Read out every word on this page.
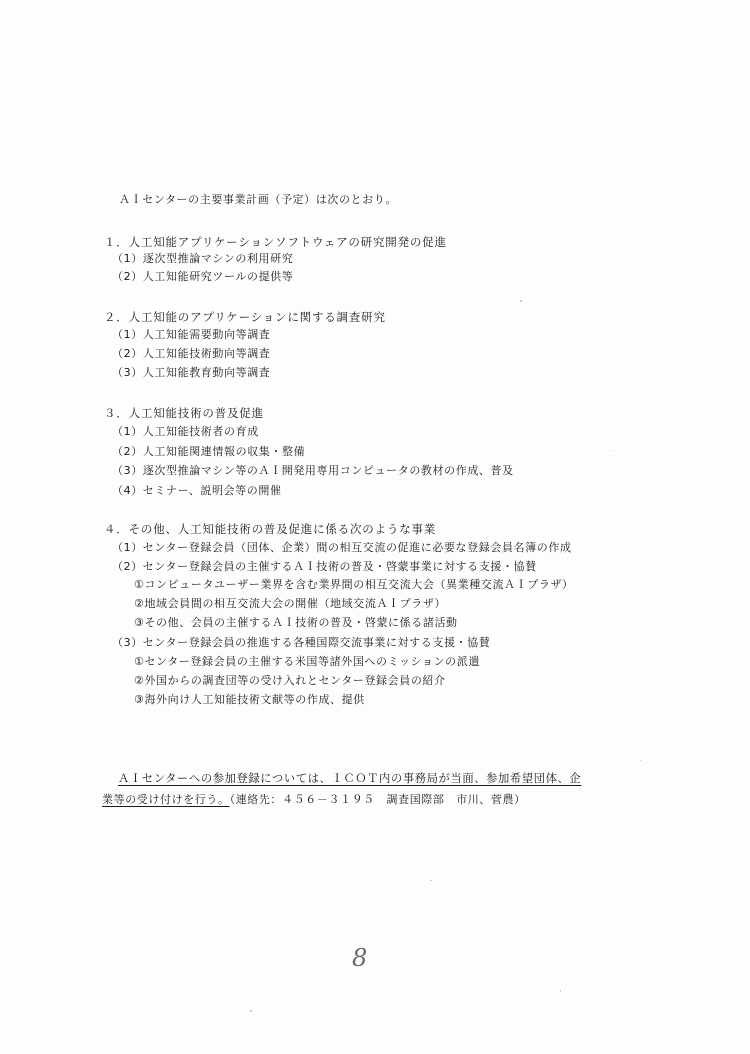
ＡＩセンターの主要事業計画（予定）は次のとおり。
１．人工知能アプリケーションソフトウェアの研究開発の促進
（1）逐次型推論マシンの利用研究
（2）人工知能研究ツールの提供等
２．人工知能のアプリケーションに関する調査研究
（1）人工知能需要動向等調査
（2）人工知能技術動向等調査
（3）人工知能教育動向等調査
３．人工知能技術の普及促進
（1）人工知能技術者の育成
（2）人工知能関連情報の収集・整備
（3）逐次型推論マシン等のＡＩ開発用専用コンピュータの教材の作成、普及
（4）セミナー、説明会等の開催
４．その他、人工知能技術の普及促進に係る次のような事業
（1）センター登録会員（団体、企業）間の相互交流の促進に必要な登録会員名簿の作成
（2）センター登録会員の主催するＡＩ技術の普及・啓蒙事業に対する支援・協賛
①コンピュータユーザー業界を含む業界間の相互交流大会（異業種交流ＡＩプラザ）
②地域会員間の相互交流大会の開催（地域交流ＡＩプラザ）
③その他、会員の主催するＡＩ技術の普及・啓蒙に係る諸活動
（3）センター登録会員の推進する各種国際交流事業に対する支援・協賛
①センター登録会員の主催する米国等諸外国へのミッションの派遣
②外国からの調査団等の受け入れとセンター登録会員の紹介
③海外向け人工知能技術文献等の作成、提供
ＡＩセンターへの参加登録については、ＩＣＯＴ内の事務局が当面、参加希望団体、企
業等の受け付けを行う。（連絡先：４５６－３１９５　調査国際部　市川、菅農）
8
